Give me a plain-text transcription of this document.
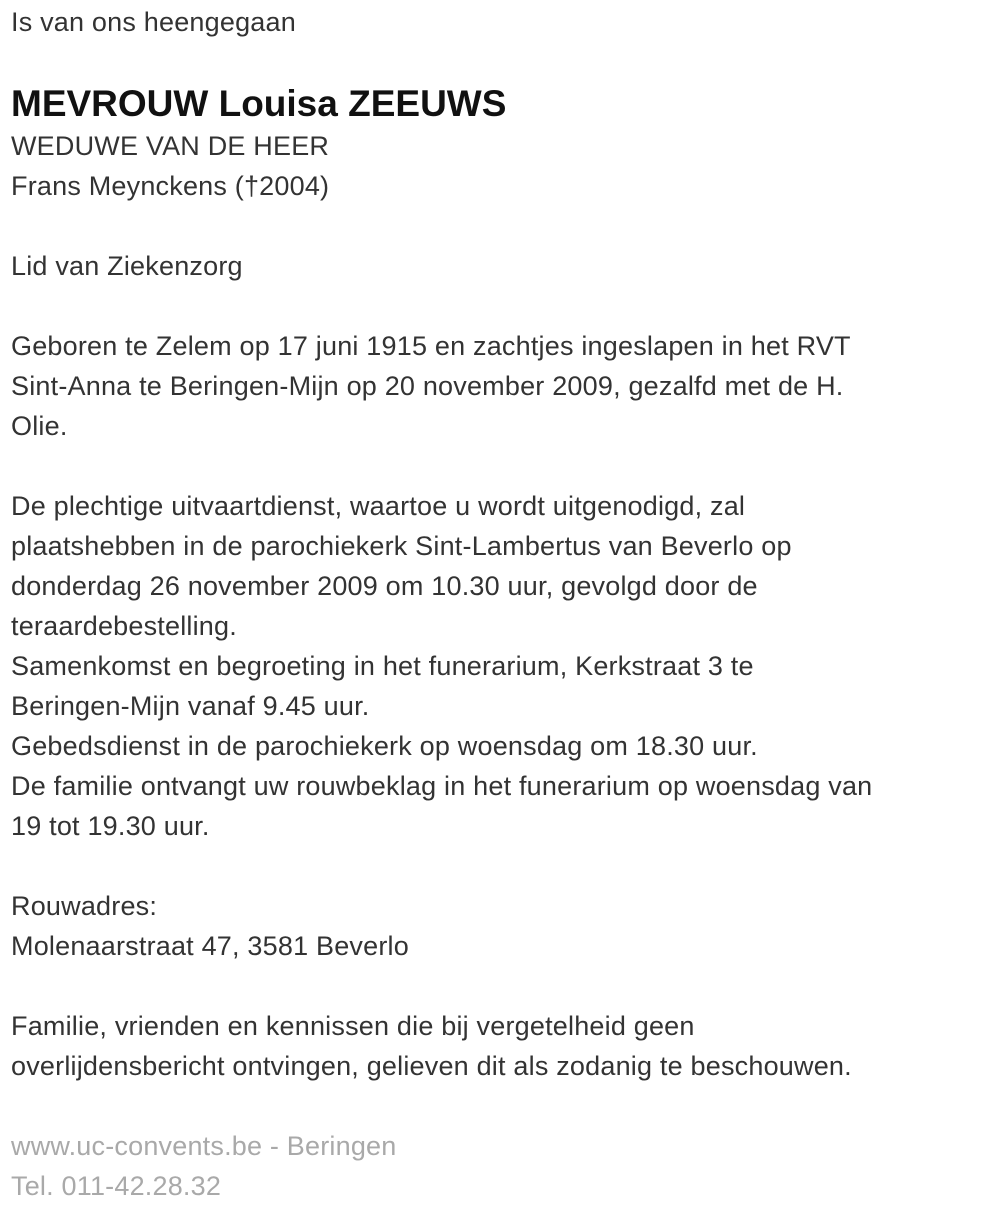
Is van ons heengegaan
MEVROUW Louisa ZEEUWS
WEDUWE VAN DE HEER
Frans Meynckens (†2004)
Lid van Ziekenzorg
Geboren te Zelem op 17 juni 1915 en zachtjes ingeslapen in het RVT
Sint-Anna te Beringen-Mijn op 20 november 2009, gezalfd met de H.
Olie.
De plechtige uitvaartdienst, waartoe u wordt uitgenodigd, zal
plaatshebben in de parochiekerk Sint-Lambertus van Beverlo op
donderdag 26 november 2009 om 10.30 uur, gevolgd door de
teraardebestelling.
Samenkomst en begroeting in het funerarium, Kerkstraat 3 te
Beringen-Mijn vanaf 9.45 uur.
Gebedsdienst in de parochiekerk op woensdag om 18.30 uur.
De familie ontvangt uw rouwbeklag in het funerarium op woensdag van
19 tot 19.30 uur.
Rouwadres:
Molenaarstraat 47, 3581 Beverlo
Familie, vrienden en kennissen die bij vergetelheid geen
overlijdensbericht ontvingen, gelieven dit als zodanig te beschouwen.
www.uc-convents.be - Beringen
Tel. 011-42.28.32
